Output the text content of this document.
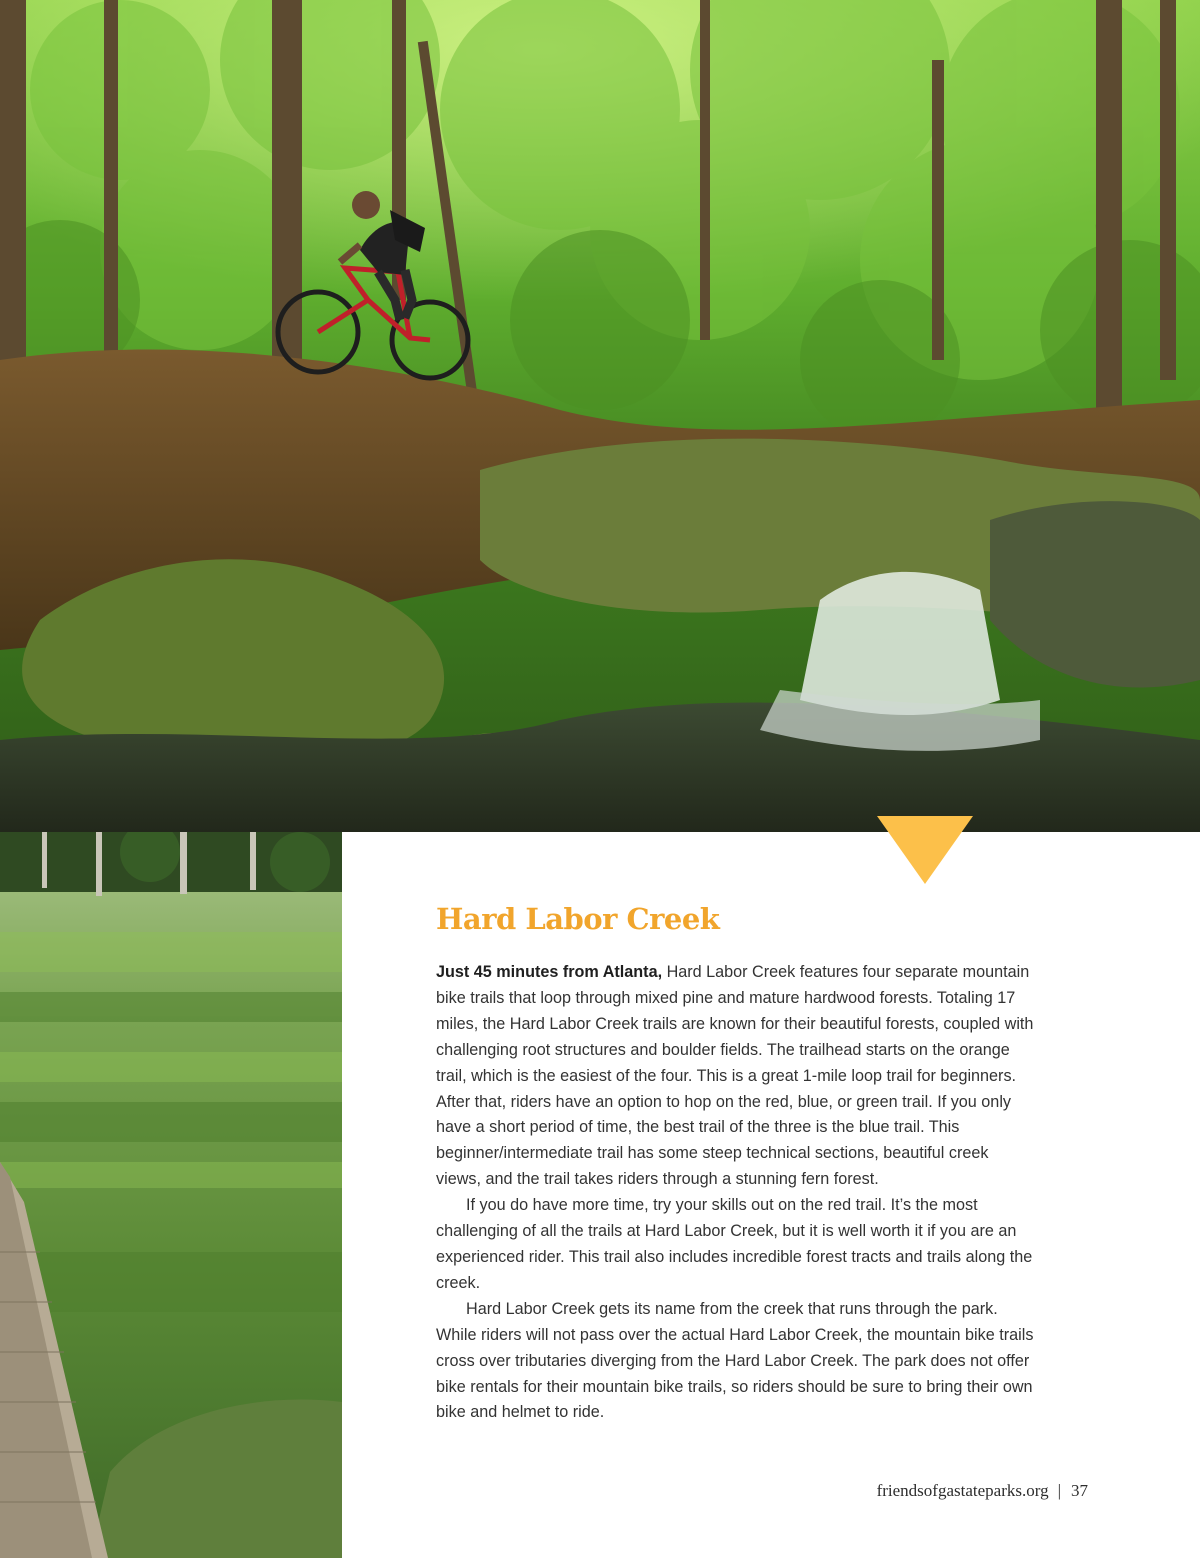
Hard Labor Creek

Just 45 minutes from Atlanta, Hard Labor Creek features four separate mountain bike trails that loop through mixed pine and mature hardwood forests. Totaling 17 miles, the Hard Labor Creek trails are known for their beautiful forests, coupled with challenging root structures and boulder fields. The trailhead starts on the orange trail, which is the easiest of the four. This is a great 1-mile loop trail for beginners. After that, riders have an option to hop on the red, blue, or green trail. If you only have a short period of time, the best trail of the three is the blue trail. This beginner/intermediate trail has some steep technical sections, beautiful creek views, and the trail takes riders through a stunning fern forest.

If you do have more time, try your skills out on the red trail. It’s the most challenging of all the trails at Hard Labor Creek, but it is well worth it if you are an experienced rider. This trail also includes incredible forest tracts and trails along the creek.

Hard Labor Creek gets its name from the creek that runs through the park. While riders will not pass over the actual Hard Labor Creek, the mountain bike trails cross over tributaries diverging from the Hard Labor Creek. The park does not offer bike rentals for their mountain bike trails, so riders should be sure to bring their own bike and helmet to ride.

friendsofgastateparks.org | 37
